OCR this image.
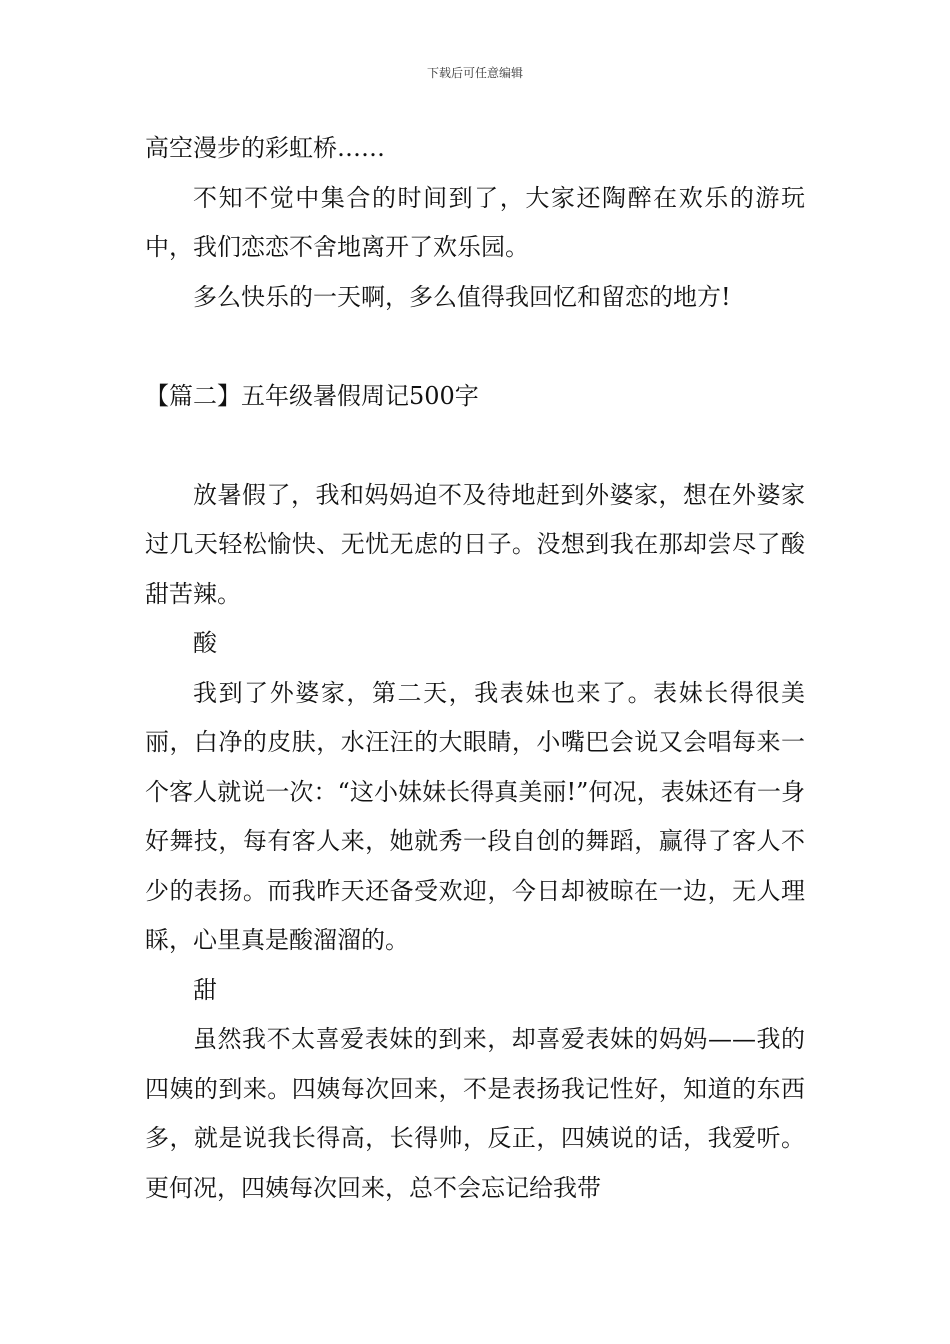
下载后可任意编辑

高空漫步的彩虹桥……

不知不觉中集合的时间到了，大家还陶醉在欢乐的游玩中，我们恋恋不舍地离开了欢乐园。

多么快乐的一天啊，多么值得我回忆和留恋的地方!

【篇二】五年级暑假周记500字

放暑假了，我和妈妈迫不及待地赶到外婆家，想在外婆家过几天轻松愉快、无忧无虑的日子。没想到我在那却尝尽了酸甜苦辣。

酸

我到了外婆家，第二天，我表妹也来了。表妹长得很美丽，白净的皮肤，水汪汪的大眼睛，小嘴巴会说又会唱每来一个客人就说一次：“这小妹妹长得真美丽!”何况，表妹还有一身好舞技，每有客人来，她就秀一段自创的舞蹈，赢得了客人不少的表扬。而我昨天还备受欢迎，今日却被晾在一边，无人理睬，心里真是酸溜溜的。

甜

虽然我不太喜爱表妹的到来，却喜爱表妹的妈妈——我的四姨的到来。四姨每次回来，不是表扬我记性好，知道的东西多，就是说我长得高，长得帅，反正，四姨说的话，我爱听。更何况，四姨每次回来，总不会忘记给我带
